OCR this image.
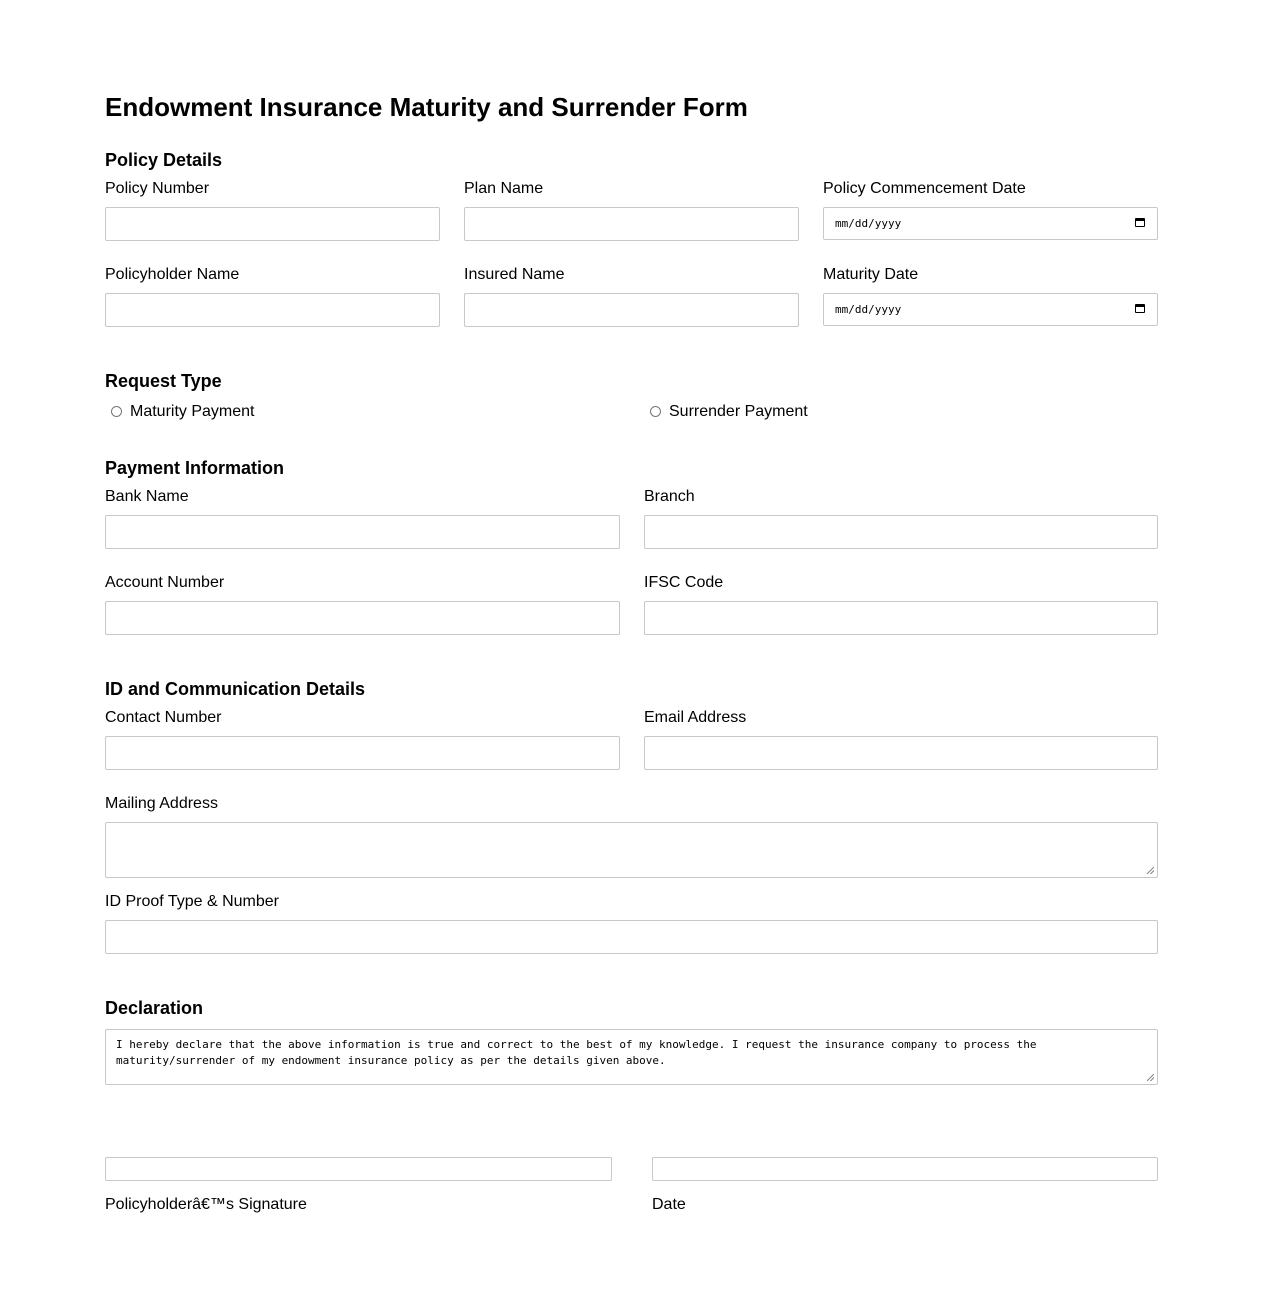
Endowment Insurance Maturity and Surrender Form
Policy Details
Policy Number	Plan Name	Policy Commencement Date
mm/dd/yyyy
Policyholder Name	Insured Name	Maturity Date
mm/dd/yyyy
Request Type
Maturity Payment	Surrender Payment
Payment Information
Bank Name	Branch
Account Number	IFSC Code
ID and Communication Details
Contact Number	Email Address
Mailing Address
ID Proof Type & Number
Declaration
I hereby declare that the above information is true and correct to the best of my knowledge. I request the insurance company to process the maturity/surrender of my endowment insurance policy as per the details given above.
Policyholderâ€™s Signature	Date
